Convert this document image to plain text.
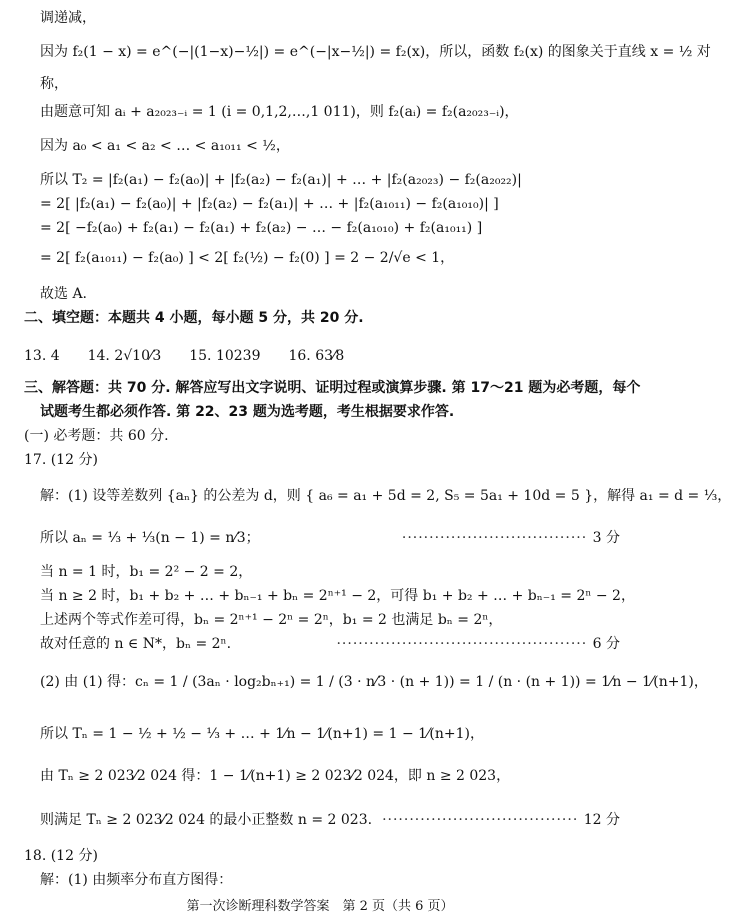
调递减，
因为 f₂(1 − x) = e^(−|(1−x)−½|) = e^(−|x−½|) = f₂(x)，所以，函数 f₂(x) 的图象关于直线 x = ½ 对
称，
由题意可知 aᵢ + a₂₀₂₃₋ᵢ = 1 (i = 0,1,2,…,1 011)，则 f₂(aᵢ) = f₂(a₂₀₂₃₋ᵢ)，
因为 a₀ < a₁ < a₂ < … < a₁₀₁₁ < ½，
所以 T₂ = |f₂(a₁) − f₂(a₀)| + |f₂(a₂) − f₂(a₁)| + … + |f₂(a₂₀₂₃) − f₂(a₂₀₂₂)|
= 2[ |f₂(a₁) − f₂(a₀)| + |f₂(a₂) − f₂(a₁)| + … + |f₂(a₁₀₁₁) − f₂(a₁₀₁₀)| ]
= 2[ −f₂(a₀) + f₂(a₁) − f₂(a₁) + f₂(a₂) − … − f₂(a₁₀₁₀) + f₂(a₁₀₁₁) ]
= 2[ f₂(a₁₀₁₁) − f₂(a₀) ] < 2[ f₂(½) − f₂(0) ] = 2 − 2/√e < 1，
故选 A.
二、填空题：本题共 4 小题，每小题 5 分，共 20 分.
13. 4　　14. 2√10⁄3　　15. 10239　　16. 63⁄8
三、解答题：共 70 分. 解答应写出文字说明、证明过程或演算步骤. 第 17～21 题为必考题，每个
试题考生都必须作答. 第 22、23 题为选考题，考生根据要求作答.
(一) 必考题：共 60 分.
17. (12 分)
解：(1) 设等差数列 {aₙ} 的公差为 d，则 { a₆ = a₁ + 5d = 2, S₅ = 5a₁ + 10d = 5 }，解得 a₁ = d = ⅓，
所以 aₙ = ⅓ + ⅓(n − 1) = n⁄3；
当 n = 1 时，b₁ = 2² − 2 = 2，
当 n ≥ 2 时，b₁ + b₂ + … + bₙ₋₁ + bₙ = 2ⁿ⁺¹ − 2，可得 b₁ + b₂ + … + bₙ₋₁ = 2ⁿ − 2，
上述两个等式作差可得，bₙ = 2ⁿ⁺¹ − 2ⁿ = 2ⁿ，b₁ = 2 也满足 bₙ = 2ⁿ，
故对任意的 n ∈ N*，bₙ = 2ⁿ.
(2) 由 (1) 得：cₙ = 1 / (3aₙ · log₂bₙ₊₁) = 1 / (3 · n⁄3 · (n + 1)) = 1 / (n · (n + 1)) = 1⁄n − 1⁄(n+1)，
所以 Tₙ = 1 − ½ + ½ − ⅓ + … + 1⁄n − 1⁄(n+1) = 1 − 1⁄(n+1)，
由 Tₙ ≥ 2 023⁄2 024 得：1 − 1⁄(n+1) ≥ 2 023⁄2 024，即 n ≥ 2 023，
则满足 Tₙ ≥ 2 023⁄2 024 的最小正整数 n = 2 023.
18. (12 分)
解：(1) 由频率分布直方图得：
·································· 3 分
·············································· 6 分
···································· 12 分
第一次诊断理科数学答案　第 2 页（共 6 页）
